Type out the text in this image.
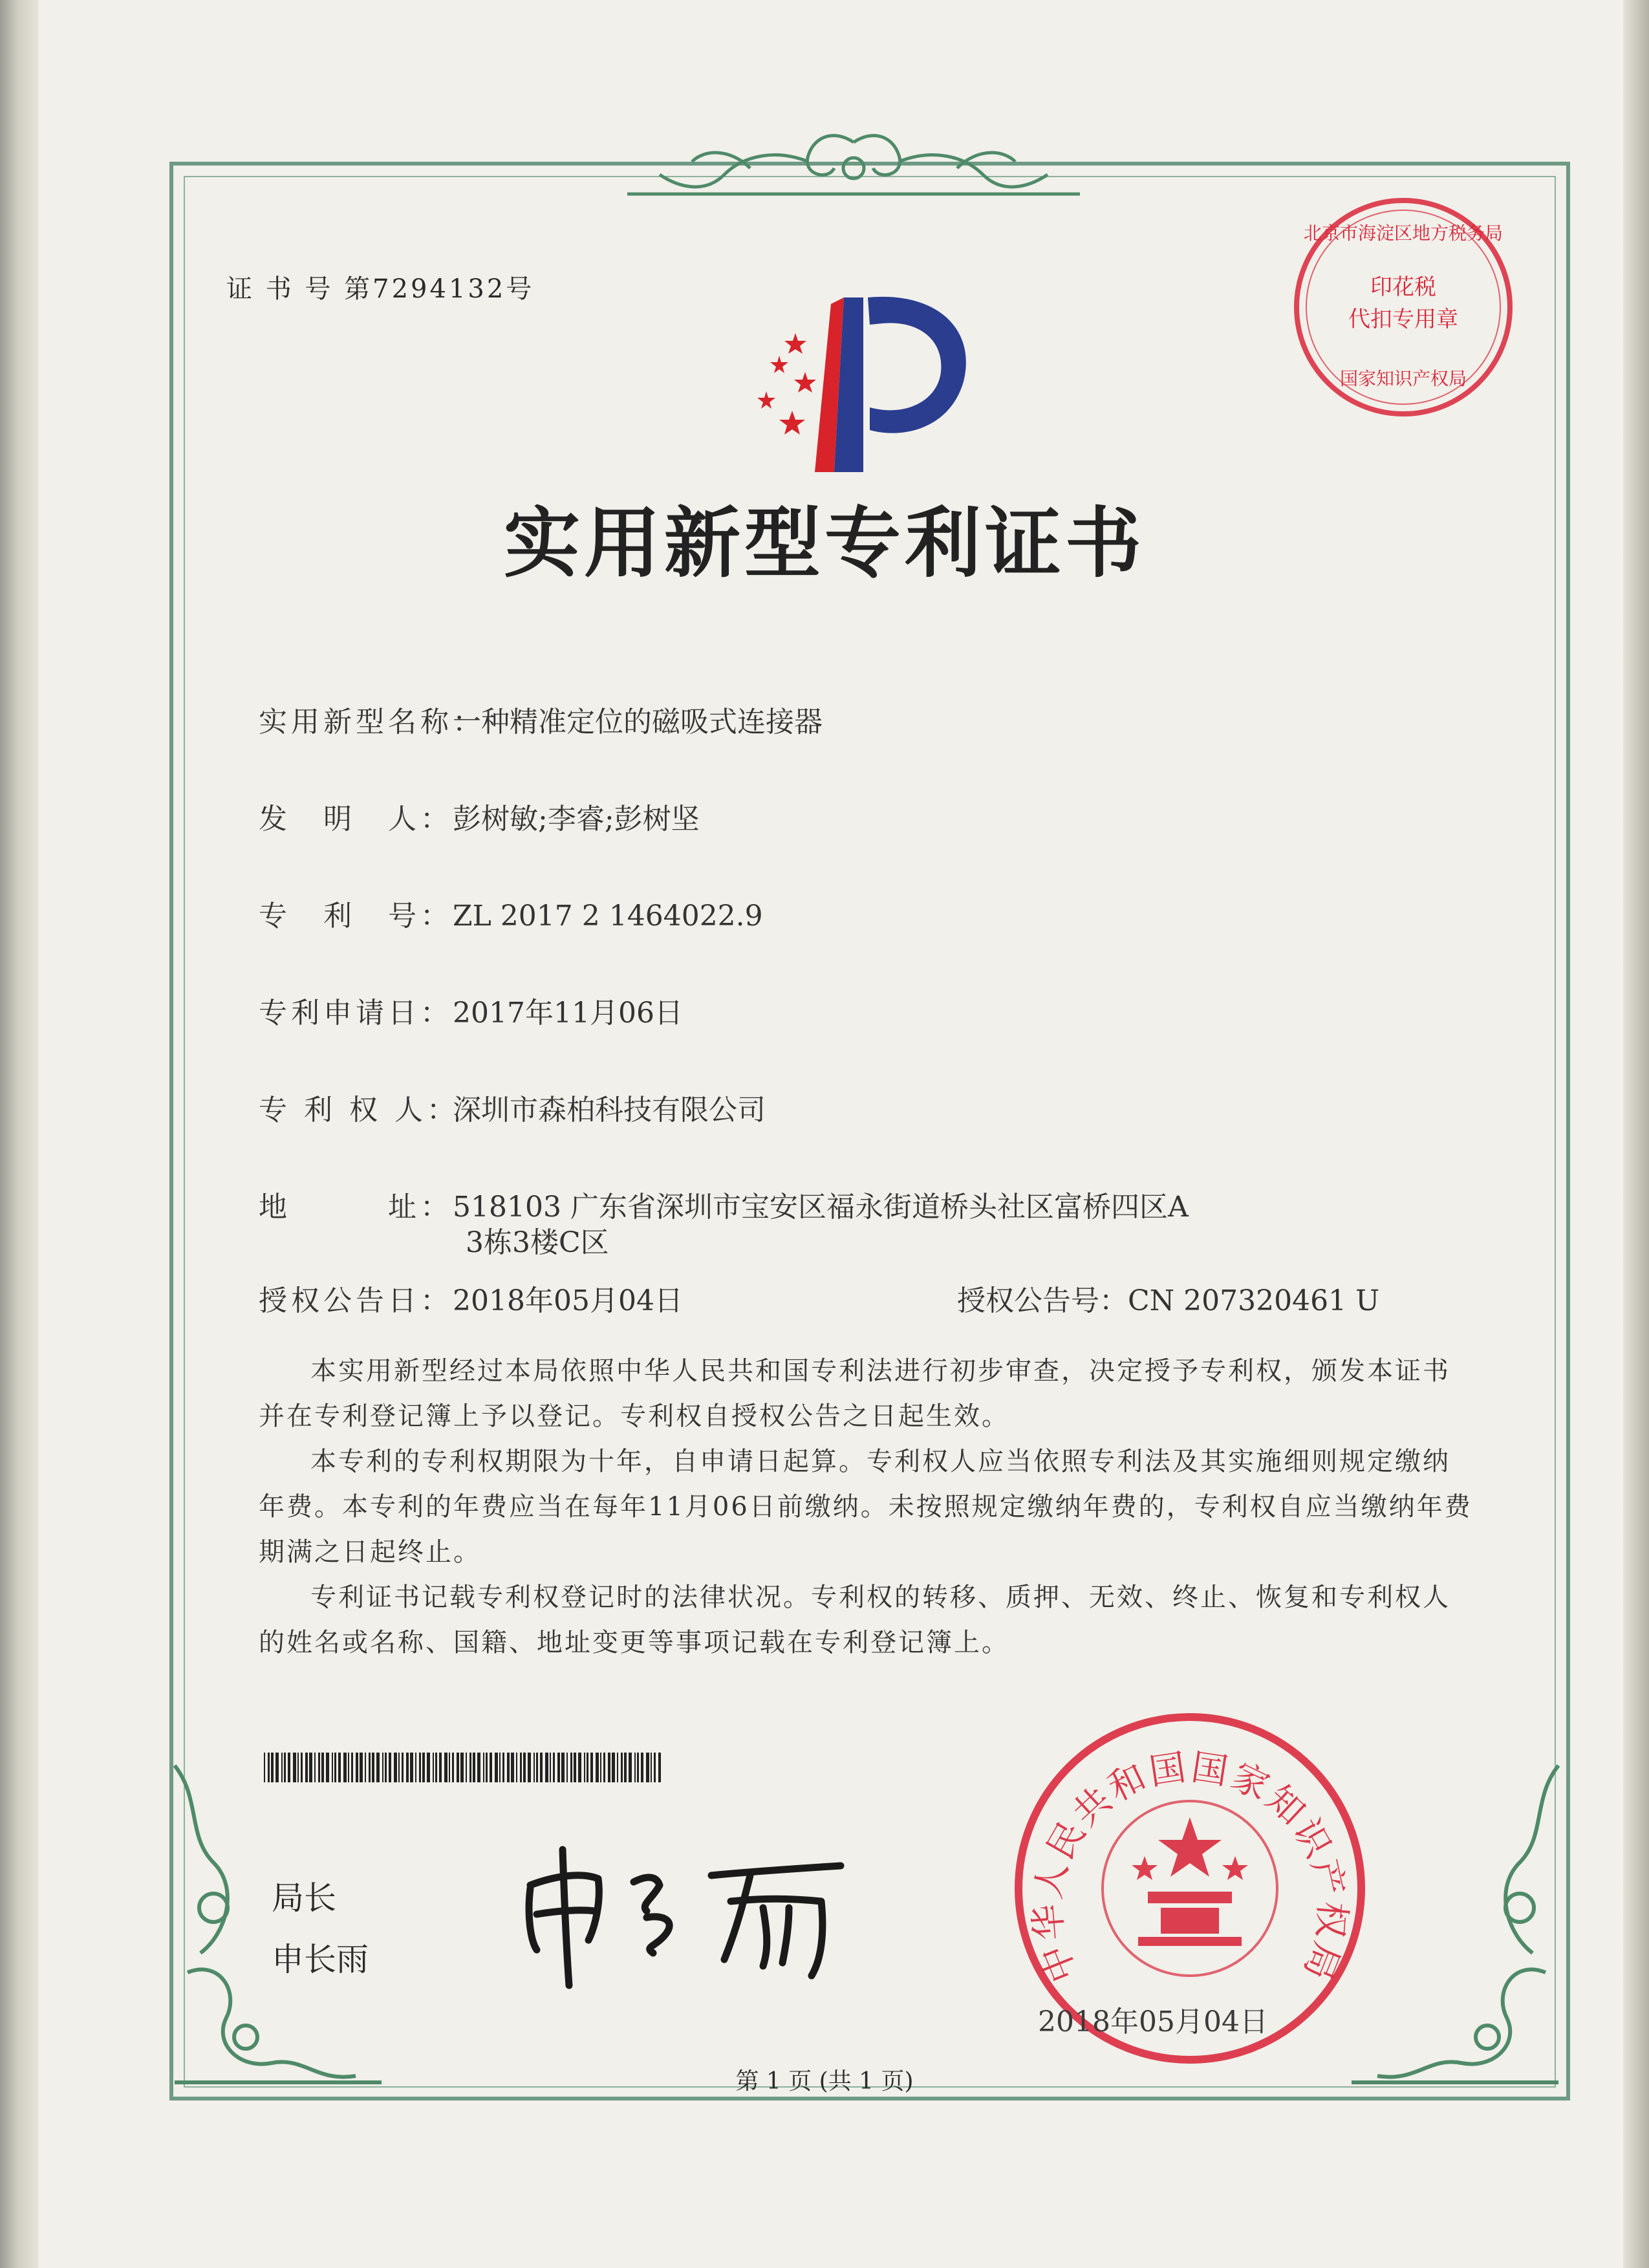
证 书 号 第7294132号	印花税
代扣专用章
北京市海淀区地方税务局
国家知识产权局
实用新型专利证书
实用新型名称：一种精准定位的磁吸式连接器
发　明　人：彭树敏;李睿;彭树坚
专　利　号：ZL 2017 2 1464022.9
专利申请日：2017年11月06日
专 利 权 人：深圳市森柏科技有限公司
地　　　址：518103 广东省深圳市宝安区福永街道桥头社区富桥四区A
3栋3楼C区
授权公告日：2018年05月04日	授权公告号：CN 207320461 U
本实用新型经过本局依照中华人民共和国专利法进行初步审查，决定授予专利权，颁发本证书并在专利登记簿上予以登记。专利权自授权公告之日起生效。
本专利的专利权期限为十年，自申请日起算。专利权人应当依照专利法及其实施细则规定缴纳年费。本专利的年费应当在每年11月06日前缴纳。未按照规定缴纳年费的，专利权自应当缴纳年费期满之日起终止。
专利证书记载专利权登记时的法律状况。专利权的转移、质押、无效、终止、恢复和专利权人的姓名或名称、国籍、地址变更等事项记载在专利登记簿上。
局长
申长雨	中华人民共和国国家知识产权局
2018年05月04日
第 1 页 (共 1 页)
